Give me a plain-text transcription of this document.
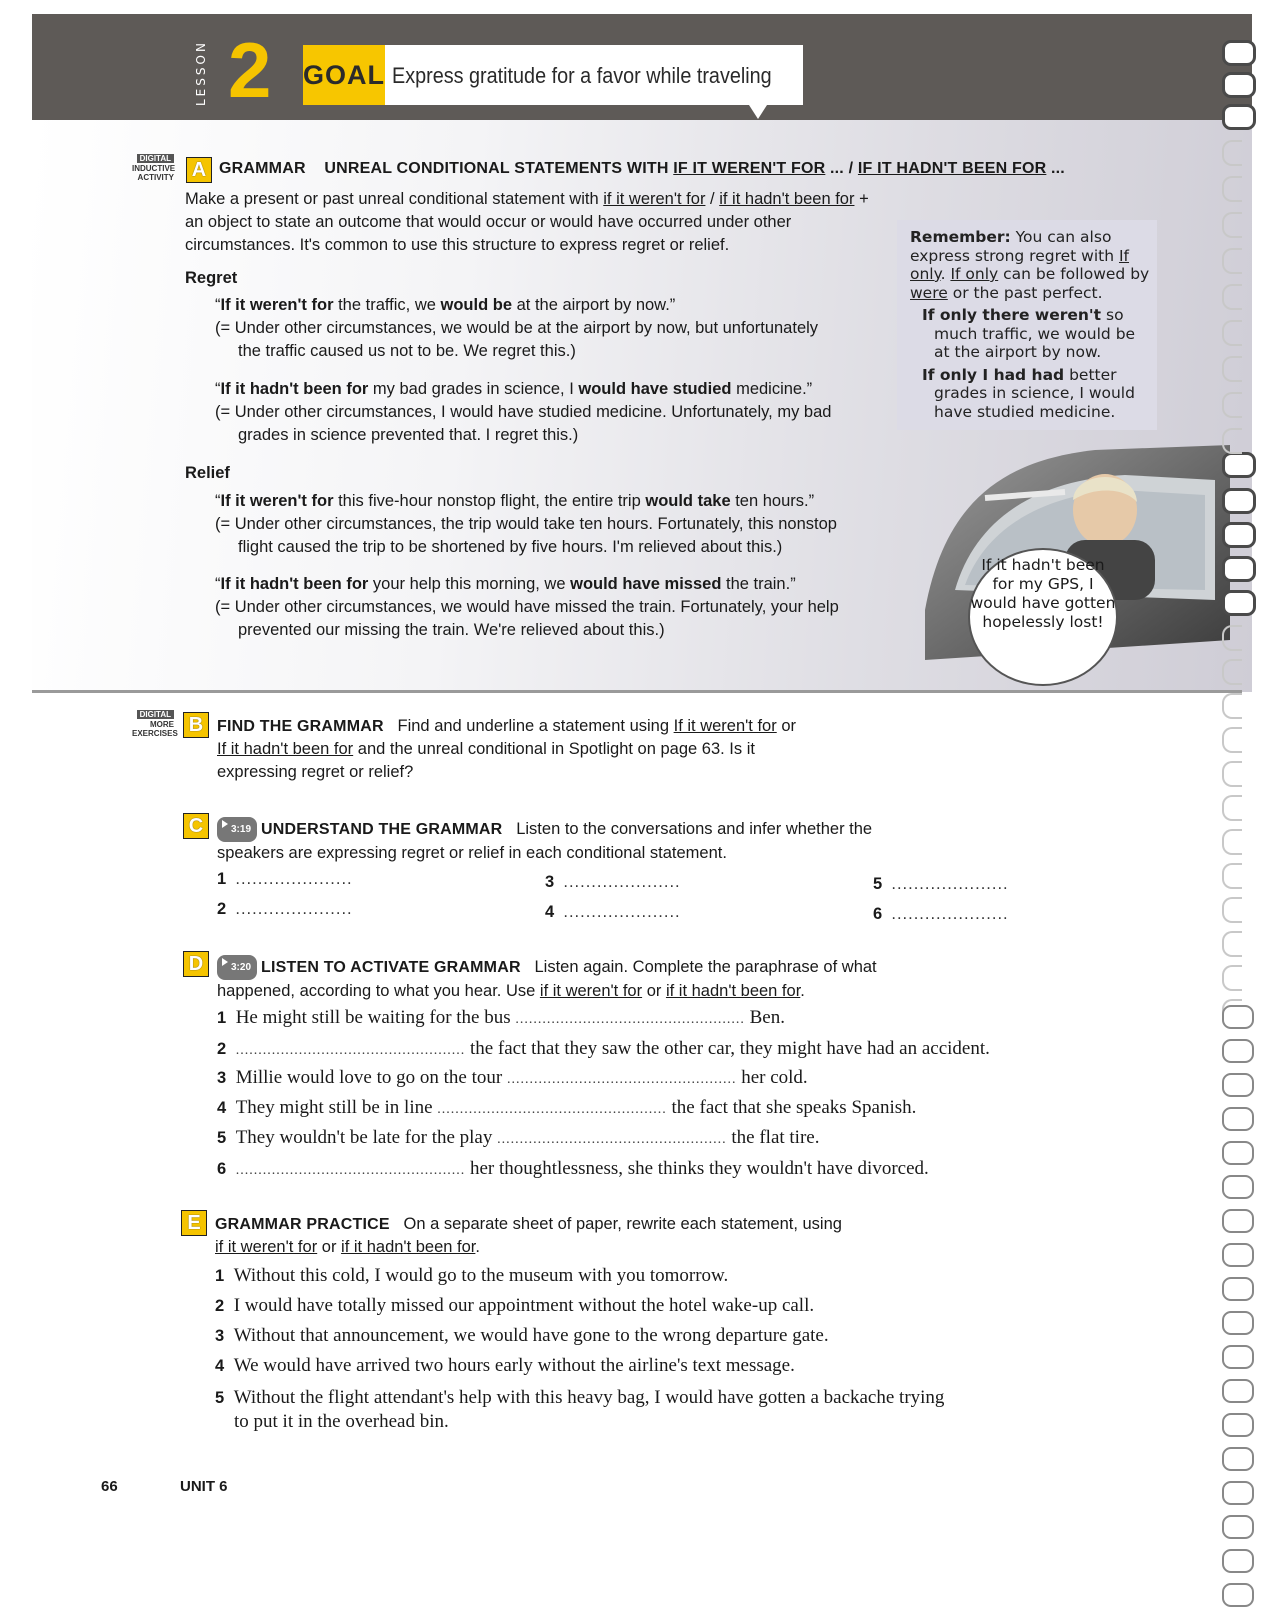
LESSON 2 GOAL Express gratitude for a favor while traveling
DIGITAL
INDUCTIVE ACTIVITY A GRAMMAR UNREAL CONDITIONAL STATEMENTS WITH IF IT WEREN'T FOR ... / IF IT HADN'T BEEN FOR ...
Make a present or past unreal conditional statement with if it weren't for / if it hadn't been for +
an object to state an outcome that would occur or would have occurred under other
circumstances. It's common to use this structure to express regret or relief.
Regret
“If it weren't for the traffic, we would be at the airport by now.”
(= Under other circumstances, we would be at the airport by now, but unfortunately
the traffic caused us not to be. We regret this.)
“If it hadn't been for my bad grades in science, I would have studied medicine.”
(= Under other circumstances, I would have studied medicine. Unfortunately, my bad
grades in science prevented that. I regret this.)
Relief
“If it weren't for this five-hour nonstop flight, the entire trip would take ten hours.”
(= Under other circumstances, the trip would take ten hours. Fortunately, this nonstop
flight caused the trip to be shortened by five hours. I'm relieved about this.)
“If it hadn't been for your help this morning, we would have missed the train.”
(= Under other circumstances, we would have missed the train. Fortunately, your help
prevented our missing the train. We're relieved about this.)
Remember: You can also express strong regret with If only. If only can be followed by were or the past perfect.
If only there weren't so much traffic, we would be at the airport by now.
If only I had had better grades in science, I would have studied medicine.
If it hadn't been for my GPS, I would have gotten hopelessly lost!
DIGITAL
MORE EXERCISES B FIND THE GRAMMAR Find and underline a statement using If it weren't for or
If it hadn't been for and the unreal conditional in Spotlight on page 63. Is it
expressing regret or relief?
C	3:19 UNDERSTAND THE GRAMMAR Listen to the conversations and infer whether the
speakers are expressing regret or relief in each conditional statement.
1 .....................	3 .....................	5 .....................
2 .....................	4 .....................	6 .....................
D	3:20 LISTEN TO ACTIVATE GRAMMAR Listen again. Complete the paraphrase of what
happened, according to what you hear. Use if it weren't for or if it hadn't been for.
1 He might still be waiting for the bus ................................................... Ben.
2 ................................................... the fact that they saw the other car, they might have had an accident.
3 Millie would love to go on the tour ................................................... her cold.
4 They might still be in line ................................................... the fact that she speaks Spanish.
5 They wouldn't be late for the play ................................................... the flat tire.
6 ................................................... her thoughtlessness, she thinks they wouldn't have divorced.
E GRAMMAR PRACTICE On a separate sheet of paper, rewrite each statement, using
if it weren't for or if it hadn't been for.
1 Without this cold, I would go to the museum with you tomorrow.
2 I would have totally missed our appointment without the hotel wake-up call.
3 Without that announcement, we would have gone to the wrong departure gate.
4 We would have arrived two hours early without the airline's text message.
5 Without the flight attendant's help with this heavy bag, I would have gotten a backache trying
to put it in the overhead bin.
66	UNIT 6
